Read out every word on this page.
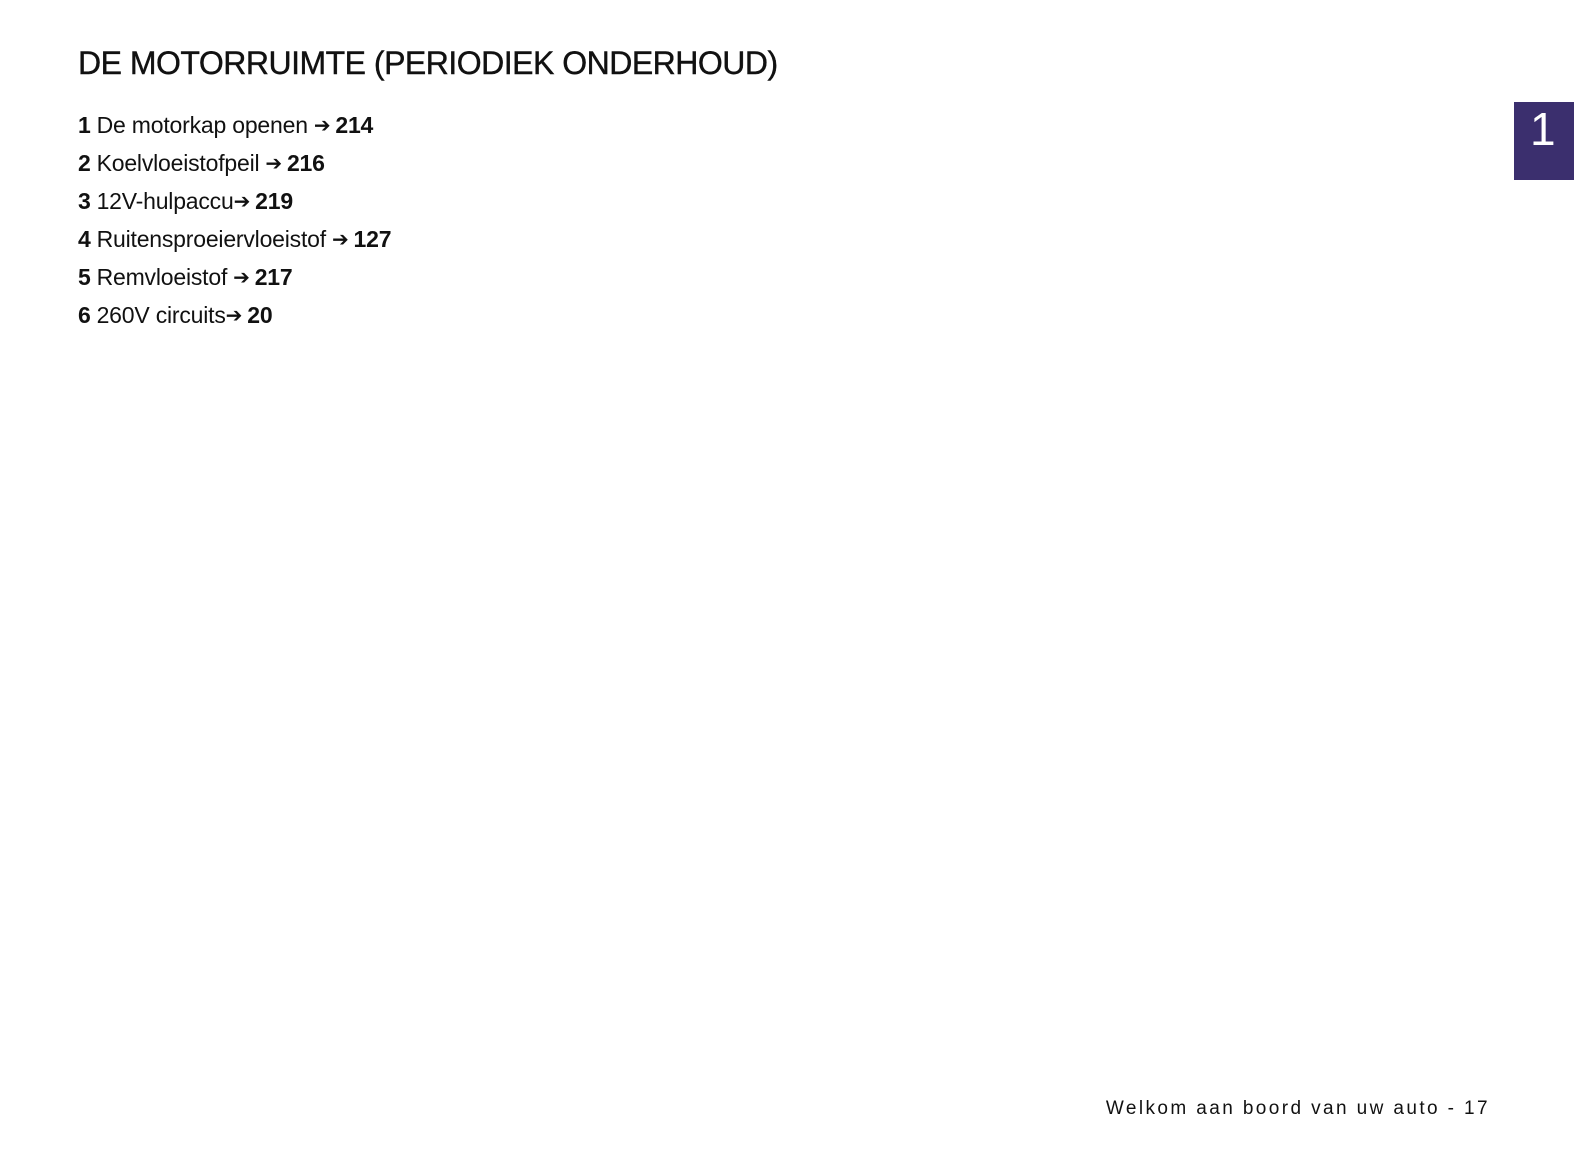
DE MOTORRUIMTE (PERIODIEK ONDERHOUD)
1
1 De motorkap openen ➔ 214
2 Koelvloeistofpeil ➔ 216
3 12V-hulpaccu➔ 219
4 Ruitensproeiervloeistof ➔ 127
5 Remvloeistof ➔ 217
6 260V circuits➔ 20
Welkom aan boord van uw auto - 17
